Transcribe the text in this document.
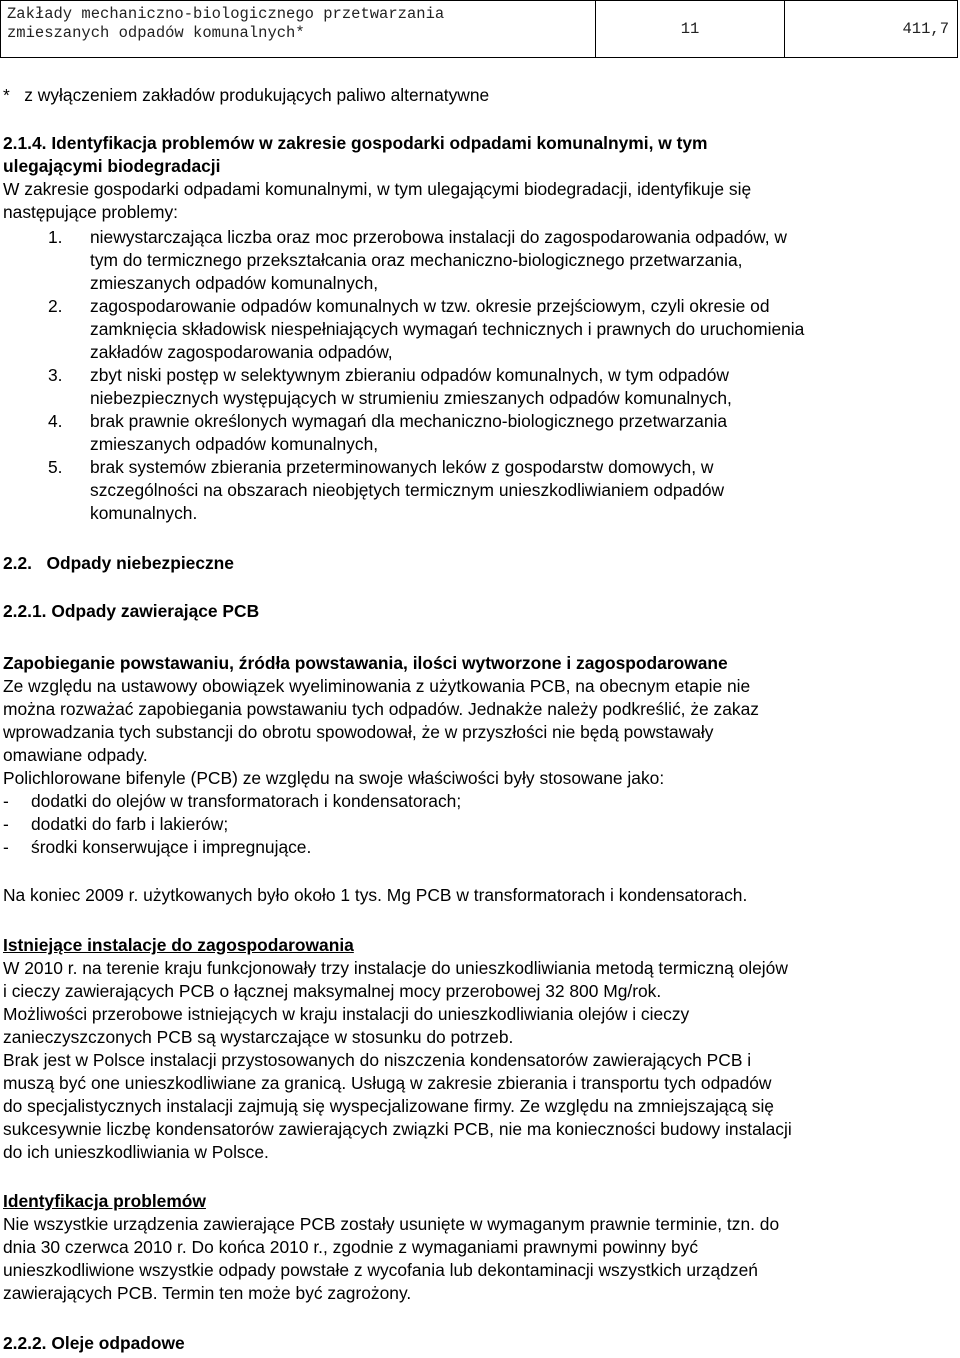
Zakłady mechaniczno-biologicznego przetwarzania
zmieszanych odpadów komunalnych*	11	411,7
*   z wyłączeniem zakładów produkujących paliwo alternatywne
2.1.4. Identyfikacja problemów w zakresie gospodarki odpadami komunalnymi, w tym
ulegającymi biodegradacji
W zakresie gospodarki odpadami komunalnymi, w tym ulegającymi biodegradacji, identyfikuje się
następujące problemy:
1. niewystarczająca liczba oraz moc przerobowa instalacji do zagospodarowania odpadów, w
tym do termicznego przekształcania oraz mechaniczno-biologicznego przetwarzania,
zmieszanych odpadów komunalnych,
2. zagospodarowanie odpadów komunalnych w tzw. okresie przejściowym, czyli okresie od
zamknięcia składowisk niespełniających wymagań technicznych i prawnych do uruchomienia
zakładów zagospodarowania odpadów,
3. zbyt niski postęp w selektywnym zbieraniu odpadów komunalnych, w tym odpadów
niebezpiecznych występujących w strumieniu zmieszanych odpadów komunalnych,
4. brak prawnie określonych wymagań dla mechaniczno-biologicznego przetwarzania
zmieszanych odpadów komunalnych,
5. brak systemów zbierania przeterminowanych leków z gospodarstw domowych, w
szczególności na obszarach nieobjętych termicznym unieszkodliwianiem odpadów
komunalnych.
2.2.   Odpady niebezpieczne
2.2.1. Odpady zawierające PCB
Zapobieganie powstawaniu, źródła powstawania, ilości wytworzone i zagospodarowane
Ze względu na ustawowy obowiązek wyeliminowania z użytkowania PCB, na obecnym etapie nie
można rozważać zapobiegania powstawaniu tych odpadów. Jednakże należy podkreślić, że zakaz
wprowadzania tych substancji do obrotu spowodował, że w przyszłości nie będą powstawały
omawiane odpady.
Polichlorowane bifenyle (PCB) ze względu na swoje właściwości były stosowane jako:
- dodatki do olejów w transformatorach i kondensatorach;
- dodatki do farb i lakierów;
- środki konserwujące i impregnujące.
Na koniec 2009 r. użytkowanych było około 1 tys. Mg PCB w transformatorach i kondensatorach.
Istniejące instalacje do zagospodarowania
W 2010 r. na terenie kraju funkcjonowały trzy instalacje do unieszkodliwiania metodą termiczną olejów
i cieczy zawierających PCB o łącznej maksymalnej mocy przerobowej 32 800 Mg/rok.
Możliwości przerobowe istniejących w kraju instalacji do unieszkodliwiania olejów i cieczy
zanieczyszczonych PCB są wystarczające w stosunku do potrzeb.
Brak jest w Polsce instalacji przystosowanych do niszczenia kondensatorów zawierających PCB i
muszą być one unieszkodliwiane za granicą. Usługą w zakresie zbierania i transportu tych odpadów
do specjalistycznych instalacji zajmują się wyspecjalizowane firmy. Ze względu na zmniejszającą się
sukcesywnie liczbę kondensatorów zawierających związki PCB, nie ma konieczności budowy instalacji
do ich unieszkodliwiania w Polsce.
Identyfikacja problemów
Nie wszystkie urządzenia zawierające PCB zostały usunięte w wymaganym prawnie terminie, tzn. do
dnia 30 czerwca 2010 r. Do końca 2010 r., zgodnie z wymaganiami prawnymi powinny być
unieszkodliwione wszystkie odpady powstałe z wycofania lub dekontaminacji wszystkich urządzeń
zawierających PCB. Termin ten może być zagrożony.
2.2.2. Oleje odpadowe
